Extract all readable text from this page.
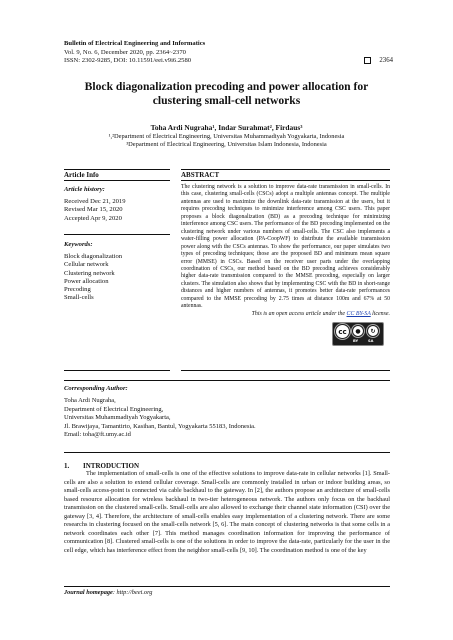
Bulletin of Electrical Engineering and Informatics
Vol. 9, No. 6, December 2020, pp. 2364~2370
ISSN: 2302-9285, DOI: 10.11591/eei.v9i6.2580	2364
Block diagonalization precoding and power allocation for clustering small-cell networks
Toha Ardi Nugraha¹, Indar Surahmat², Firdaus³
¹,²Department of Electrical Engineering, Universitas Muhammadiyah Yogyakarta, Indonesia
³Department of Electrical Engineering, Universitas Islam Indonesia, Indonesia
Article Info	ABSTRACT
Article history:
Received Dec 21, 2019
Revised Mar 15, 2020
Accepted Apr 9, 2020
Keywords:
Block diagonalization
Cellular network
Clustering network
Power allocation
Precoding
Small-cells
The clustering network is a solution to improve data-rate transmission in small-cells. In this case, clustering small-cells (CSCs) adopt a multiple antennas concept. The multiple antennas are used to maximize the downlink data-rate transmission at the users, but it requires precoding techniques to minimize interference among CSC users. This paper proposes a block diagonalization (BD) as a precoding technique for minimizing interference among CSC users. The performance of the BD precoding implemented on the clustering network under various numbers of small-cells. The CSC also implements a water-filling power allocation (PA-CoopWF) to distribute the available transmission power along with the CSCs antennas. To show the performance, our paper simulates two types of precoding techniques; those are the proposed BD and minimum mean square error (MMSE) in CSCs. Based on the receiver user parts under the overlapping coordination of CSCs, our method based on the BD precoding achieves considerably higher data-rate transmission compared to the MMSE precoding, especially on larger clusters. The simulation also shows that by implementing CSC with the BD in short-range distances and higher numbers of antennas, it promotes better data-rate performances compared to the MMSE precoding by 2.75 times at distance 100m and 67% at 50 antennas.
This is an open access article under the CC BY-SA license.
cc	●	↻
BY	SA
Corresponding Author:
Toha Ardi Nugraha,
Department of Electrical Engineering,
Universitas Muhammadiyah Yogyakarta,
Jl. Brawijaya, Tamantirto, Kasihan, Bantul, Yogyakarta 55183, Indonesia.
Email: toha@ft.umy.ac.id
1. INTRODUCTION
The implementation of small-cells is one of the effective solutions to improve data-rate in cellular networks [1]. Small-cells are also a solution to extend cellular coverage. Small-cells are commonly installed in urban or indoor building areas, so small-cells access-point is connected via cable backhaul to the gateway. In [2], the authors propose an architecture of small-cells based resource allocation for wireless backhaul in two-tier heterogeneous network. The authors only focus on the backhaul transmission on the clustered small-cells. Small-cells are also allowed to exchange their channel state information (CSI) over the gateway [3, 4]. Therefore, the architecture of small-cells enables easy implementation of a clustering network. There are some researchs in clustering focused on the small-cells network [5, 6]. The main concept of clustering networks is that some cells in a network coordinates each other [7]. This method manages coordination information for improving the performance of communication [8]. Clustered small-cells is one of the solutions in order to improve the data-rate, particularly for the user in the cell edge, which has interference effect from the neighbor small-cells [9, 10]. The coordination method is one of the key
Journal homepage: http://beei.org
